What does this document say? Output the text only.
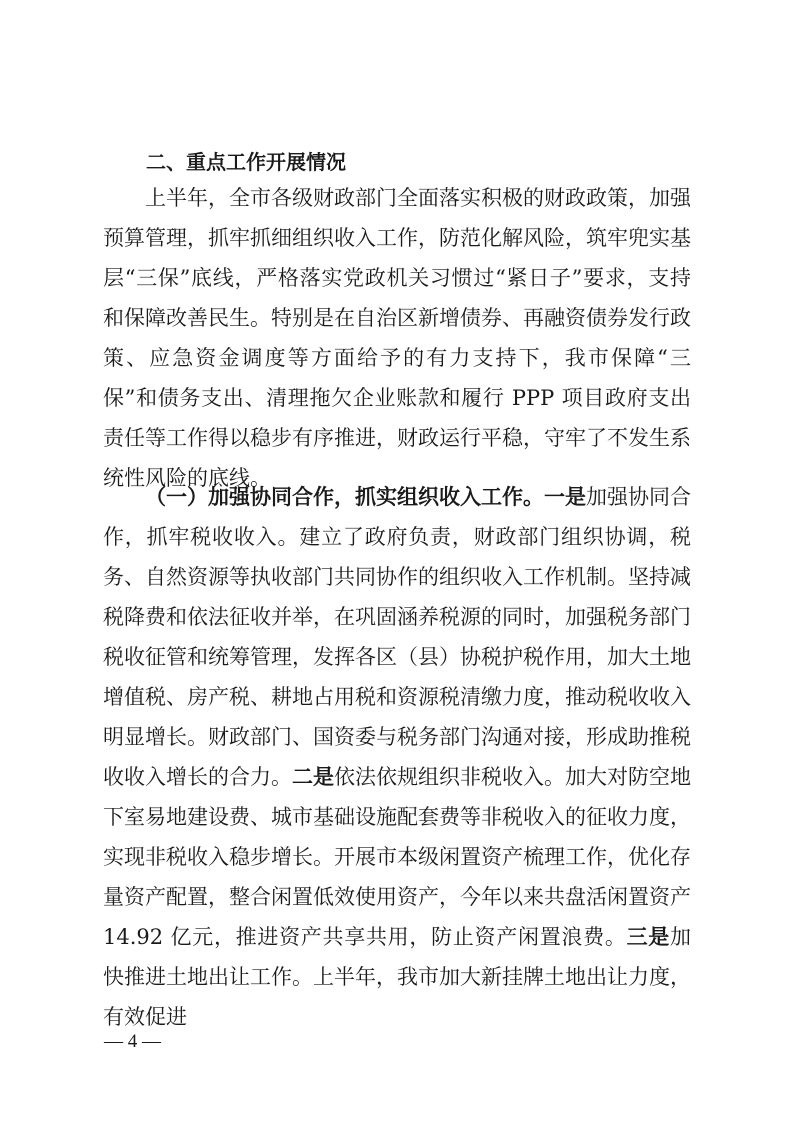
二、重点工作开展情况
上半年，全市各级财政部门全面落实积极的财政政策，加强预算管理，抓牢抓细组织收入工作，防范化解风险，筑牢兜实基层“三保”底线，严格落实党政机关习惯过“紧日子”要求，支持和保障改善民生。特别是在自治区新增债券、再融资债券发行政策、应急资金调度等方面给予的有力支持下，我市保障“三保”和债务支出、清理拖欠企业账款和履行 PPP 项目政府支出责任等工作得以稳步有序推进，财政运行平稳，守牢了不发生系统性风险的底线。
（一）加强协同合作，抓实组织收入工作。一是加强协同合作，抓牢税收收入。建立了政府负责，财政部门组织协调，税务、自然资源等执收部门共同协作的组织收入工作机制。坚持减税降费和依法征收并举，在巩固涵养税源的同时，加强税务部门税收征管和统筹管理，发挥各区（县）协税护税作用，加大土地增值税、房产税、耕地占用税和资源税清缴力度，推动税收收入明显增长。财政部门、国资委与税务部门沟通对接，形成助推税收收入增长的合力。二是依法依规组织非税收入。加大对防空地下室易地建设费、城市基础设施配套费等非税收入的征收力度，实现非税收入稳步增长。开展市本级闲置资产梳理工作，优化存量资产配置，整合闲置低效使用资产，今年以来共盘活闲置资产 14.92 亿元，推进资产共享共用，防止资产闲置浪费。三是加快推进土地出让工作。上半年，我市加大新挂牌土地出让力度，有效促进
— 4 —
